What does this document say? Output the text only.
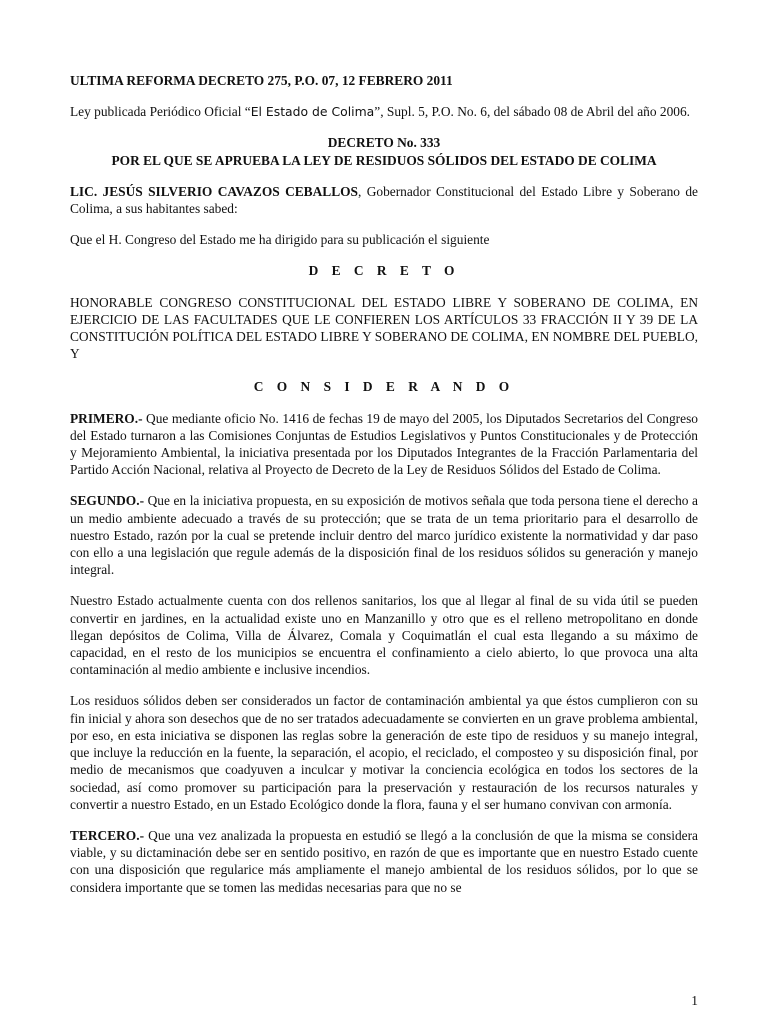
ULTIMA REFORMA DECRETO 275, P.O. 07, 12 FEBRERO 2011

Ley publicada Periódico Oficial “El Estado de Colima”, Supl. 5, P.O. No. 6, del sábado 08 de Abril del año 2006.

DECRETO No. 333

POR EL QUE SE APRUEBA LA LEY DE RESIDUOS SÓLIDOS DEL ESTADO DE COLIMA

LIC. JESÚS SILVERIO CAVAZOS CEBALLOS, Gobernador Constitucional del Estado Libre y Soberano de Colima, a sus habitantes sabed:

Que el H. Congreso del Estado me ha dirigido para su publicación el siguiente

D E C R E T O

HONORABLE CONGRESO CONSTITUCIONAL DEL ESTADO LIBRE Y SOBERANO DE COLIMA, EN EJERCICIO DE LAS FACULTADES QUE LE CONFIEREN LOS ARTÍCULOS 33 FRACCIÓN II Y 39 DE LA CONSTITUCIÓN POLÍTICA DEL ESTADO LIBRE Y SOBERANO DE COLIMA, EN NOMBRE DEL PUEBLO, Y

C O N S I D E R A N D O

PRIMERO.- Que mediante oficio No. 1416 de fechas 19 de mayo del 2005, los Diputados Secretarios del Congreso del Estado turnaron a las Comisiones Conjuntas de Estudios Legislativos y Puntos Constitucionales y de Protección y Mejoramiento Ambiental, la iniciativa presentada por los Diputados Integrantes de la Fracción Parlamentaria del Partido Acción Nacional, relativa al Proyecto de Decreto de la Ley de Residuos Sólidos del Estado de Colima.

SEGUNDO.- Que en la iniciativa propuesta, en su exposición de motivos señala que toda persona tiene el derecho a un medio ambiente adecuado a través de su protección; que se trata de un tema prioritario para el desarrollo de nuestro Estado, razón por la cual se pretende incluir dentro del marco jurídico existente la normatividad y dar paso con ello a una legislación que regule además de la disposición final de los residuos sólidos su generación y manejo integral.

Nuestro Estado actualmente cuenta con dos rellenos sanitarios, los que al llegar al final de su vida útil se pueden convertir en jardines, en la actualidad existe uno en Manzanillo y otro que es el relleno metropolitano en donde llegan depósitos de Colima, Villa de Álvarez, Comala y Coquimatlán el cual esta llegando a su máximo de capacidad, en el resto de los municipios se encuentra el confinamiento a cielo abierto, lo que provoca una alta contaminación al medio ambiente e inclusive incendios.

Los residuos sólidos deben ser considerados un factor de contaminación ambiental ya que éstos cumplieron con su fin inicial y ahora son desechos que de no ser tratados adecuadamente se convierten en un grave problema ambiental, por eso, en esta iniciativa se disponen las reglas sobre la generación de este tipo de residuos y su manejo integral, que incluye la reducción en la fuente, la separación, el acopio, el reciclado, el composteo y su disposición final, por medio de mecanismos que coadyuven a inculcar y motivar la conciencia ecológica en todos los sectores de la sociedad, así como promover su participación para la preservación y restauración de los recursos naturales y convertir a nuestro Estado, en un Estado Ecológico donde la flora, fauna y el ser humano convivan con armonía.

TERCERO.- Que una vez analizada la propuesta en estudió se llegó a la conclusión de que la misma se considera viable, y su dictaminación debe ser en sentido positivo, en razón de que es importante que en nuestro Estado cuente con una disposición que regularice más ampliamente el manejo ambiental de los residuos sólidos, por lo que se considera importante que se tomen las medidas necesarias para que no se

1
